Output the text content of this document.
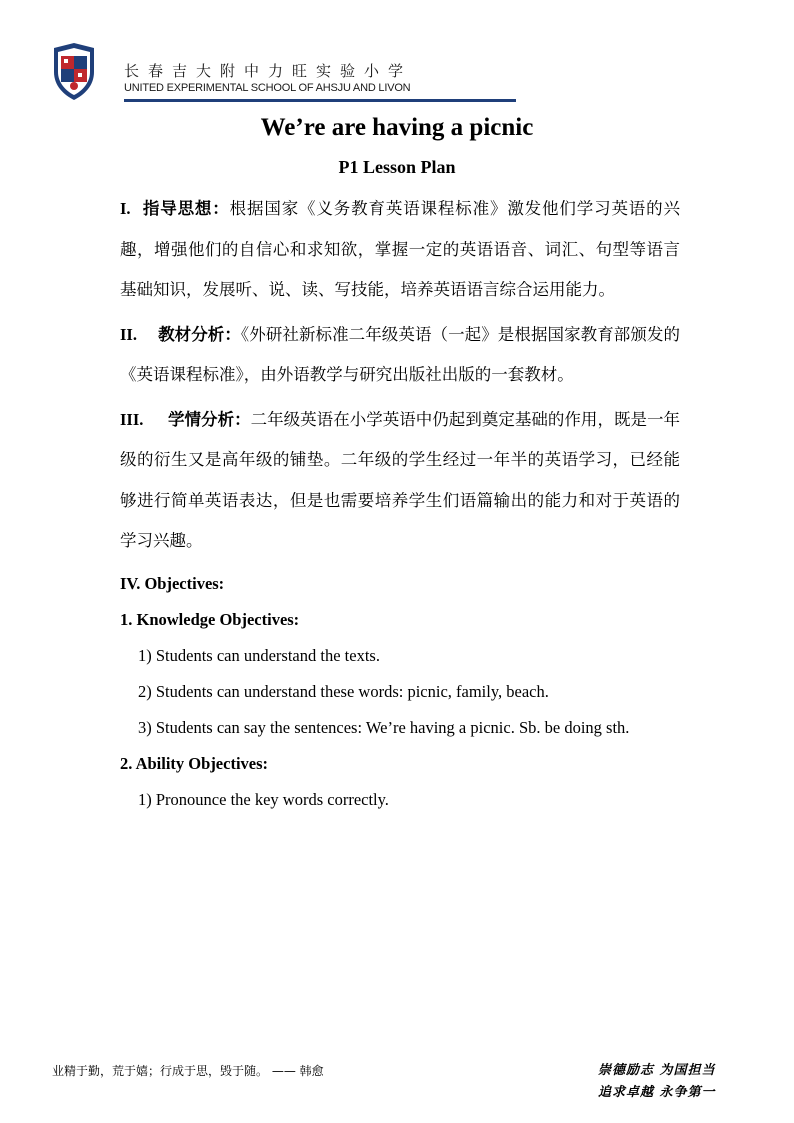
长春吉大附中力旺实验小学
UNITED EXPERIMENTAL SCHOOL OF AHSJU AND LIVON
We’re are having a picnic
P1 Lesson Plan

I. 指导思想：根据国家《义务教育英语课程标准》激发他们学习英语的兴趣，增强他们的自信心和求知欲，掌握一定的英语语音、词汇、句型等语言基础知识，发展听、说、读、写技能，培养英语语言综合运用能力。

II. 教材分析：《外研社新标准二年级英语（一起》是根据国家教育部颁发的《英语课程标准》，由外语教学与研究出版社出版的一套教材。

III. 学情分析：二年级英语在小学英语中仍起到奠定基础的作用，既是一年级的衍生又是高年级的铺垫。二年级的学生经过一年半的英语学习，已经能够进行简单英语表达，但是也需要培养学生们语篇输出的能力和对于英语的学习兴趣。

IV. Objectives:
1. Knowledge Objectives:
1) Students can understand the texts.
2) Students can understand these words: picnic, family, beach.
3) Students can say the sentences: We’re having a picnic. Sb. be doing sth.
2. Ability Objectives:
1) Pronounce the key words correctly.
业精于勤，荒于嬉；行成于思，毁于随。 —— 韩愈	崇德励志 为国担当
追求卓越 永争第一
